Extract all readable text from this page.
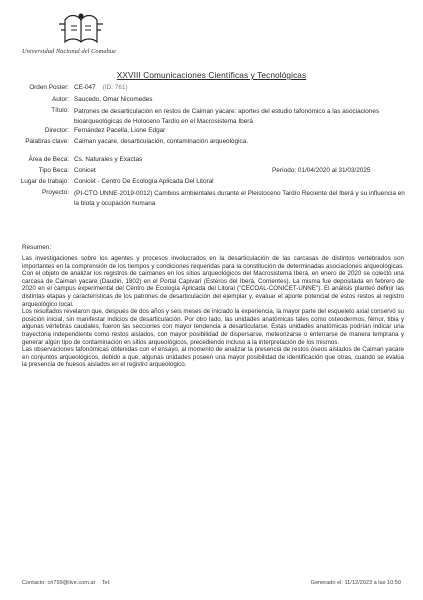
Universidad Nacional del Comahue
XXVIII Comunicaciones Científicas y Tecnológicas
Orden Poster: CE-047 (ID: 761)
Autor: Saucedo, Omar Nicomedes
Título: Patrones de desarticulación en restos de Caiman yacare: aportes del estudio tafonómico a las asociaciones bioarqueológicas de Holoceno Tardío en el Macrosistema Iberá
Director: Fernández Pacella, Lione Edgar
Palabras clave: Caiman yacare, desarticulación, contaminación arqueológica.
Área de Beca: Cs. Naturales y Exactas
Tipo Beca: Conicet	Período: 01/04/2020 al 31/03/2025
Lugar de trabajo: Conicet - Centro De Ecología Aplicada Del Litoral
Proyecto: (PI-CTO UNNE-2019-0012) Cambios ambientales durante el Pleistoceno Tardío Reciente del Iberá y su influencia en la biota y ocupación humana
Resumen:

Las investigaciones sobre los agentes y procesos involucrados en la desarticulación de las carcasas de distintos vertebrados son importantes en la comprensión de los tiempos y condiciones requeridas para la constitución de determinadas asociaciones arqueológicas. Con el objeto de analizar los registros de caimanes en los sitios arqueológicos del Macrosistema Iberá, en enero de 2020 se colectó una carcasa de Caiman yacare (Daudin, 1802) en el Portal Capivarí (Esteros del Iberá, Corrientes). La misma fue depositada en febrero de 2020 en el campus experimental del Centro de Ecología Aplicada del Litoral ("CECOAL-CONICET-UNNE"). El análisis planteó definir las distintas etapas y características de los patrones de desarticulación del ejemplar y, evaluar el aporte potencial de estos restos al registro arqueológico local.

Los resultados revelaron que, después de dos años y seis meses de iniciado la experiencia, la mayor parte del esqueleto axial conservó su posición inicial, sin manifestar indicios de desarticulación. Por otro lado, las unidades anatómicas tales como osteodermos, fémur, tibia y algunas vértebras caudales, fueron las secciones con mayor tendencia a desarticularse. Estas unidades anatómicas podrían indicar una trayectoria independiente como restos aislados, con mayor posibilidad de dispersarse, meteorizarse o enterrarse de manera temprana y generar algún tipo de contaminación en sitios arqueológicos, precediendo incluso a la interpretación de los mismos.

Las observaciones tafonómicas obtenidas con el ensayo, al momento de analizar la presencia de restos óseos aislados de Caiman yacare en conjuntos arqueológicos, debido a que, algunas unidades poseen una mayor posibilidad de identificación que otras, cuando se evalúa la presencia de huesos aislados en el registro arqueológico.

Contacto: cri799@live.com.ar Tel:	Generado el: 11/12/2023 a las 10:50
